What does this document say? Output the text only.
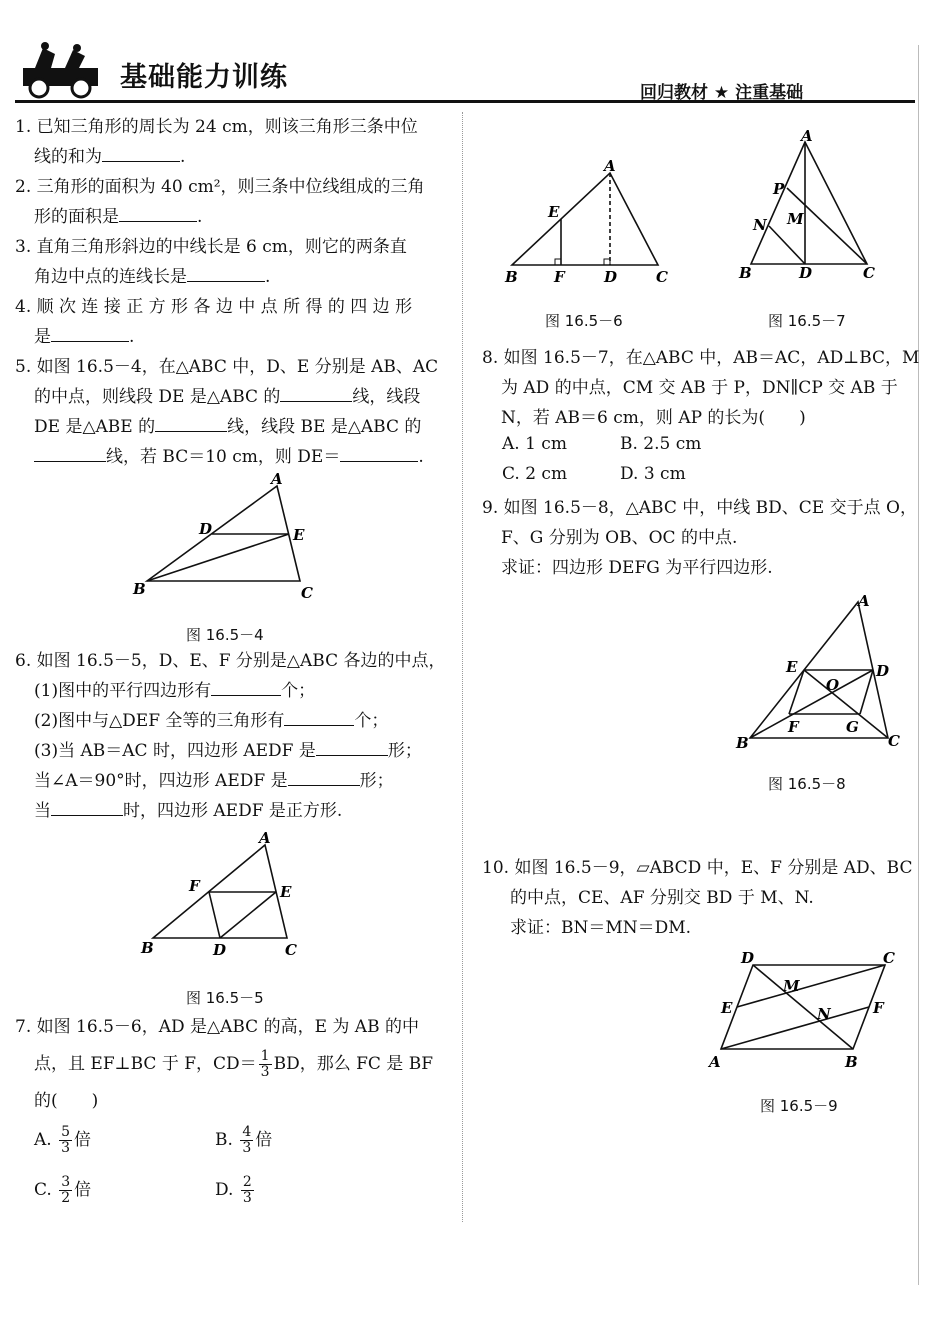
基础能力训练	回归教材 ★ 注重基础
1. 已知三角形的周长为 24 cm，则该三角形三条中位
线的和为	.
2. 三角形的面积为 40 cm²，则三条中位线组成的三角
形的面积是	.
3. 直角三角形斜边的中线长是 6 cm，则它的两条直
角边中点的连线长是	.
4. 顺 次 连 接 正 方 形 各 边 中 点 所 得 的 四 边 形
是	.
5. 如图 16.5－4，在△ABC 中，D、E 分别是 AB、AC
的中点，则线段 DE 是△ABC 的	线，线段
DE 是△ABE 的	线，线段 BE 是△ABC 的
线，若 BC＝10 cm，则 DE＝	.
A
B	C
D	E
图 16.5－4
6. 如图 16.5－5，D、E、F 分别是△ABC 各边的中点，
(1)图中的平行四边形有	个；
(2)图中与△DEF 全等的三角形有	个；
(3)当 AB＝AC 时，四边形 AEDF 是	形；
当∠A＝90°时，四边形 AEDF 是	形；
当	时，四边形 AEDF 是正方形.
A
B	C
D
E
F
图 16.5－5
7. 如图 16.5－6，AD 是△ABC 的高，E 为 AB 的中
点，且 EF⊥BC 于 F，$CD= \frac{1}{3}$ BD，那么 FC 是 BF
的(　　)
A. $\frac{5}{3}$ 倍	B. $\frac{4}{3}$ 倍
C. $\frac{3}{2}$ 倍	D. $\frac{2}{3}$
A
B	C
D
E
F
图 16.5－6
A
B	C
D
P
M
N
图 16.5－7
8. 如图 16.5－7，在△ABC 中，AB＝AC，AD⊥BC，M
为 AD 的中点，CM 交 AB 于 P，DN∥CP 交 AB 于
N，若 AB＝6 cm，则 AP 的长为(　　)
A. 1 cm	B. 2.5 cm
C. 2 cm	D. 3 cm
9. 如图 16.5－8，△ABC 中，中线 BD、CE 交于点 O，
F、G 分别为 OB、OC 的中点.
求证：四边形 DEFG 为平行四边形.
A
B	C
D
E
F	G
O
图 16.5－8
10. 如图 16.5－9，▱ABCD 中，E、F 分别是 AD、BC
的中点，CE、AF 分别交 BD 于 M、N.
求证：BN＝MN＝DM.
D	C
A	B
E	F
M
N
图 16.5－9
